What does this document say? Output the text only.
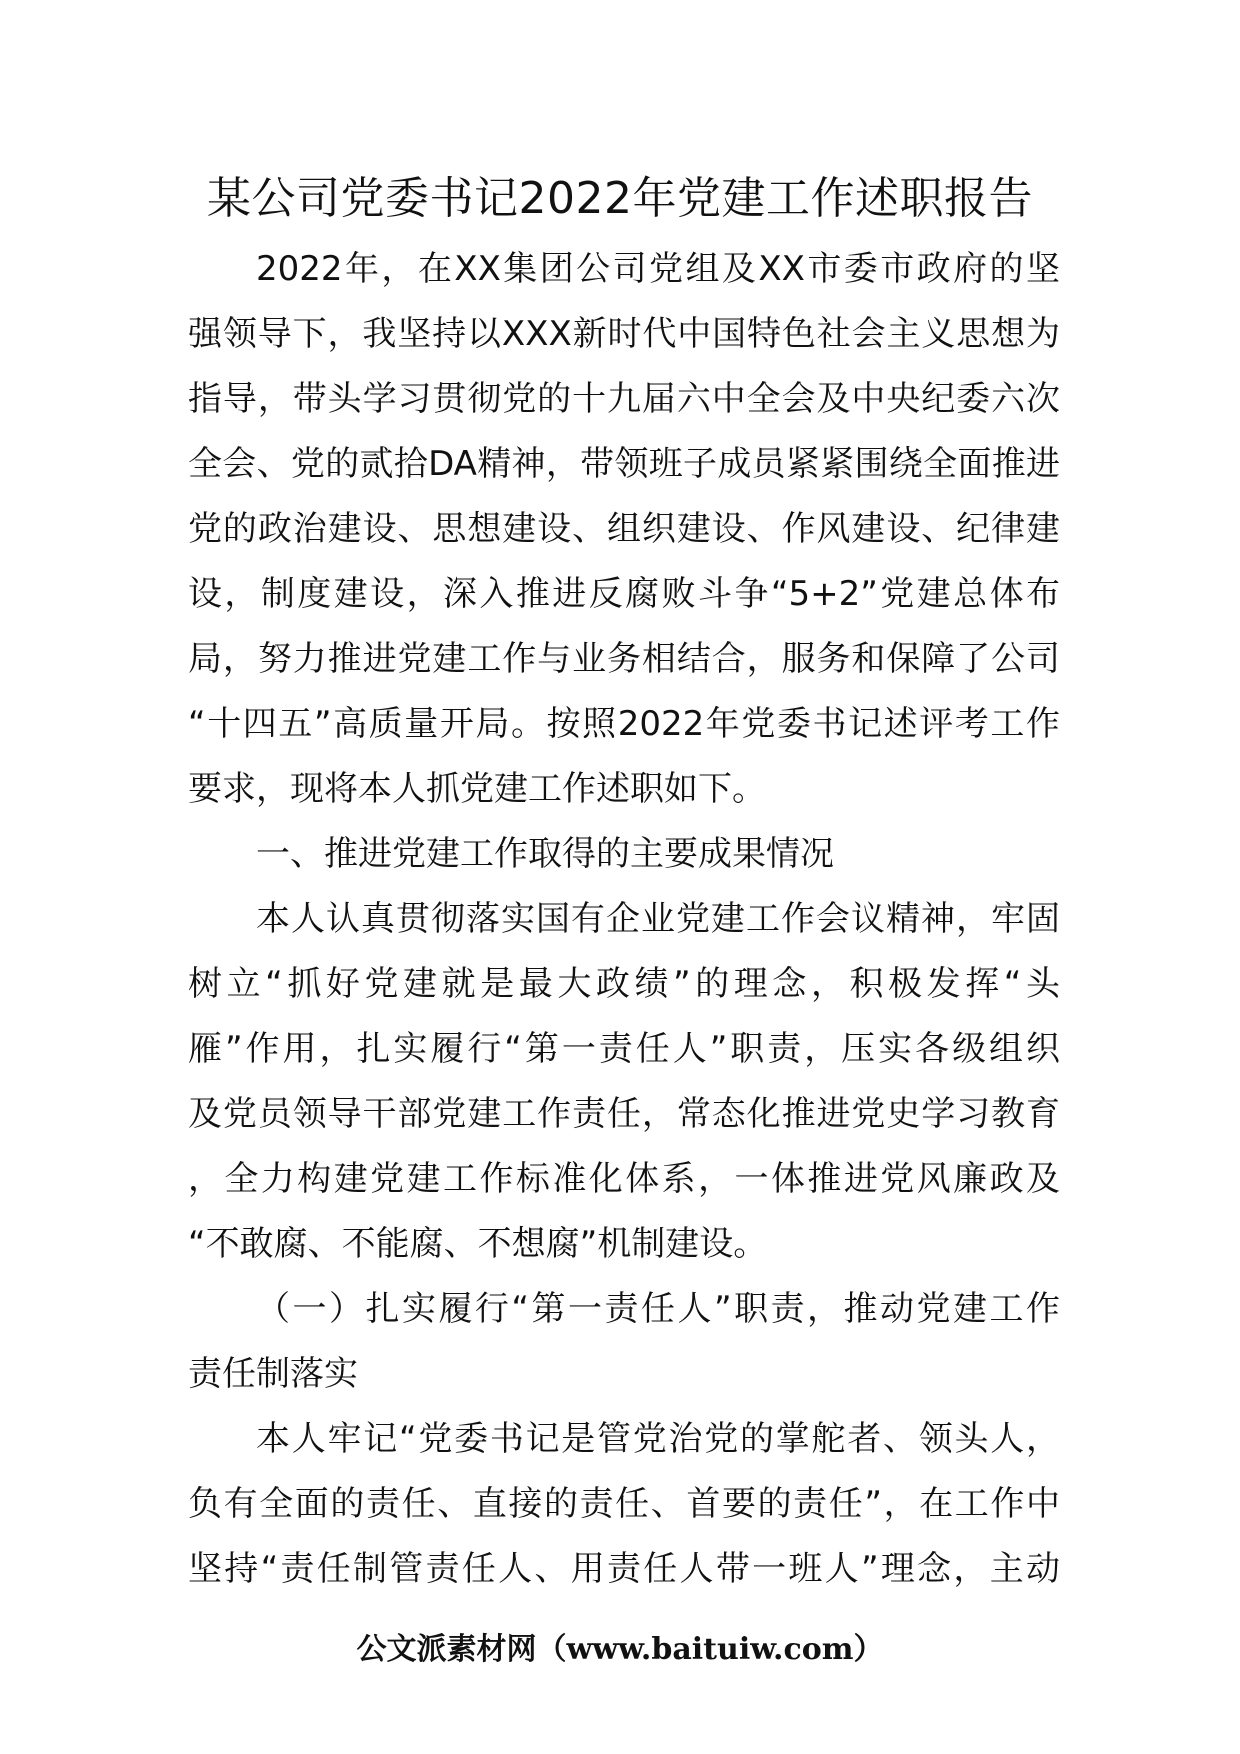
某公司党委书记2022年党建工作述职报告
2022年，在XX集团公司党组及XX市委市政府的坚
强领导下，我坚持以XXX新时代中国特色社会主义思想为
指导，带头学习贯彻党的十九届六中全会及中央纪委六次
全会、党的贰拾DA精神，带领班子成员紧紧围绕全面推进
党的政治建设、思想建设、组织建设、作风建设、纪律建
设，制度建设，深入推进反腐败斗争“5+2”党建总体布
局，努力推进党建工作与业务相结合，服务和保障了公司
“十四五”高质量开局。按照2022年党委书记述评考工作
要求，现将本人抓党建工作述职如下。
一、推进党建工作取得的主要成果情况
本人认真贯彻落实国有企业党建工作会议精神，牢固
树立“抓好党建就是最大政绩”的理念，积极发挥“头
雁”作用，扎实履行“第一责任人”职责，压实各级组织
及党员领导干部党建工作责任，常态化推进党史学习教育
，全力构建党建工作标准化体系，一体推进党风廉政及
“不敢腐、不能腐、不想腐”机制建设。
（一）扎实履行“第一责任人”职责，推动党建工作
责任制落实
本人牢记“党委书记是管党治党的掌舵者、领头人，
负有全面的责任、直接的责任、首要的责任”，在工作中
坚持“责任制管责任人、用责任人带一班人”理念，主动
公文派素材网（www.baituiw.com）
